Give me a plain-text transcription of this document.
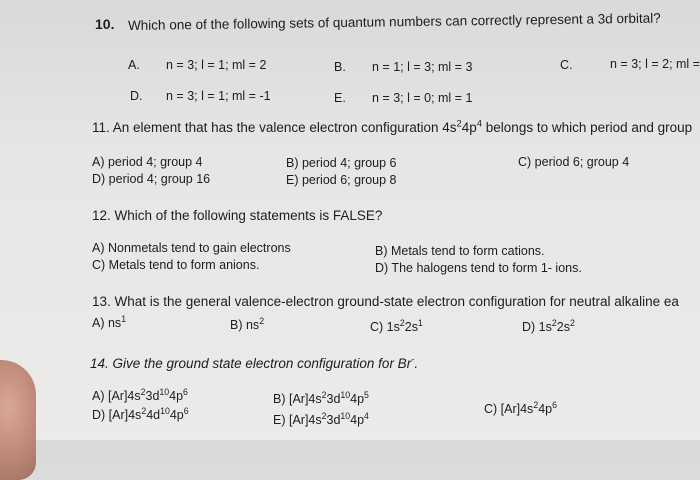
10. Which one of the following sets of quantum numbers can correctly represent a 3d orbital?
A. n = 3; l = 1; ml = 2	B. n = 1; l = 3; ml = 3	C.	n = 3; l = 2; ml =
D. n = 3; l = 1; ml = -1	E. n = 3; l = 0; ml = 1
11. An element that has the valence electron configuration $4s^24p^4$ belongs to which period and group
A) period 4; group 4	B) period 4; group 6	C) period 6; group 4
D) period 4; group 16	E) period 6; group 8
12. Which of the following statements is FALSE?
A) Nonmetals tend to gain electrons	B) Metals tend to form cations.
C) Metals tend to form anions.	D) The halogens tend to form 1- ions.
13. What is the general valence-electron ground-state electron configuration for neutral alkaline ea
A) $ns^1$	B) $ns^2$	C) $1s^22s^1$	D) $1s^22s^2$
14. Give the ground state electron configuration for Br-.
A) $[Ar]4s^23d^{10}4p^6$
B) $[Ar]4s^23d^{10}4p^5$
C) $[Ar]4s^24p^6$
D) $[Ar]4s^24d^{10}4p^6$
E) $[Ar]4s^23d^{10}4p^4$
